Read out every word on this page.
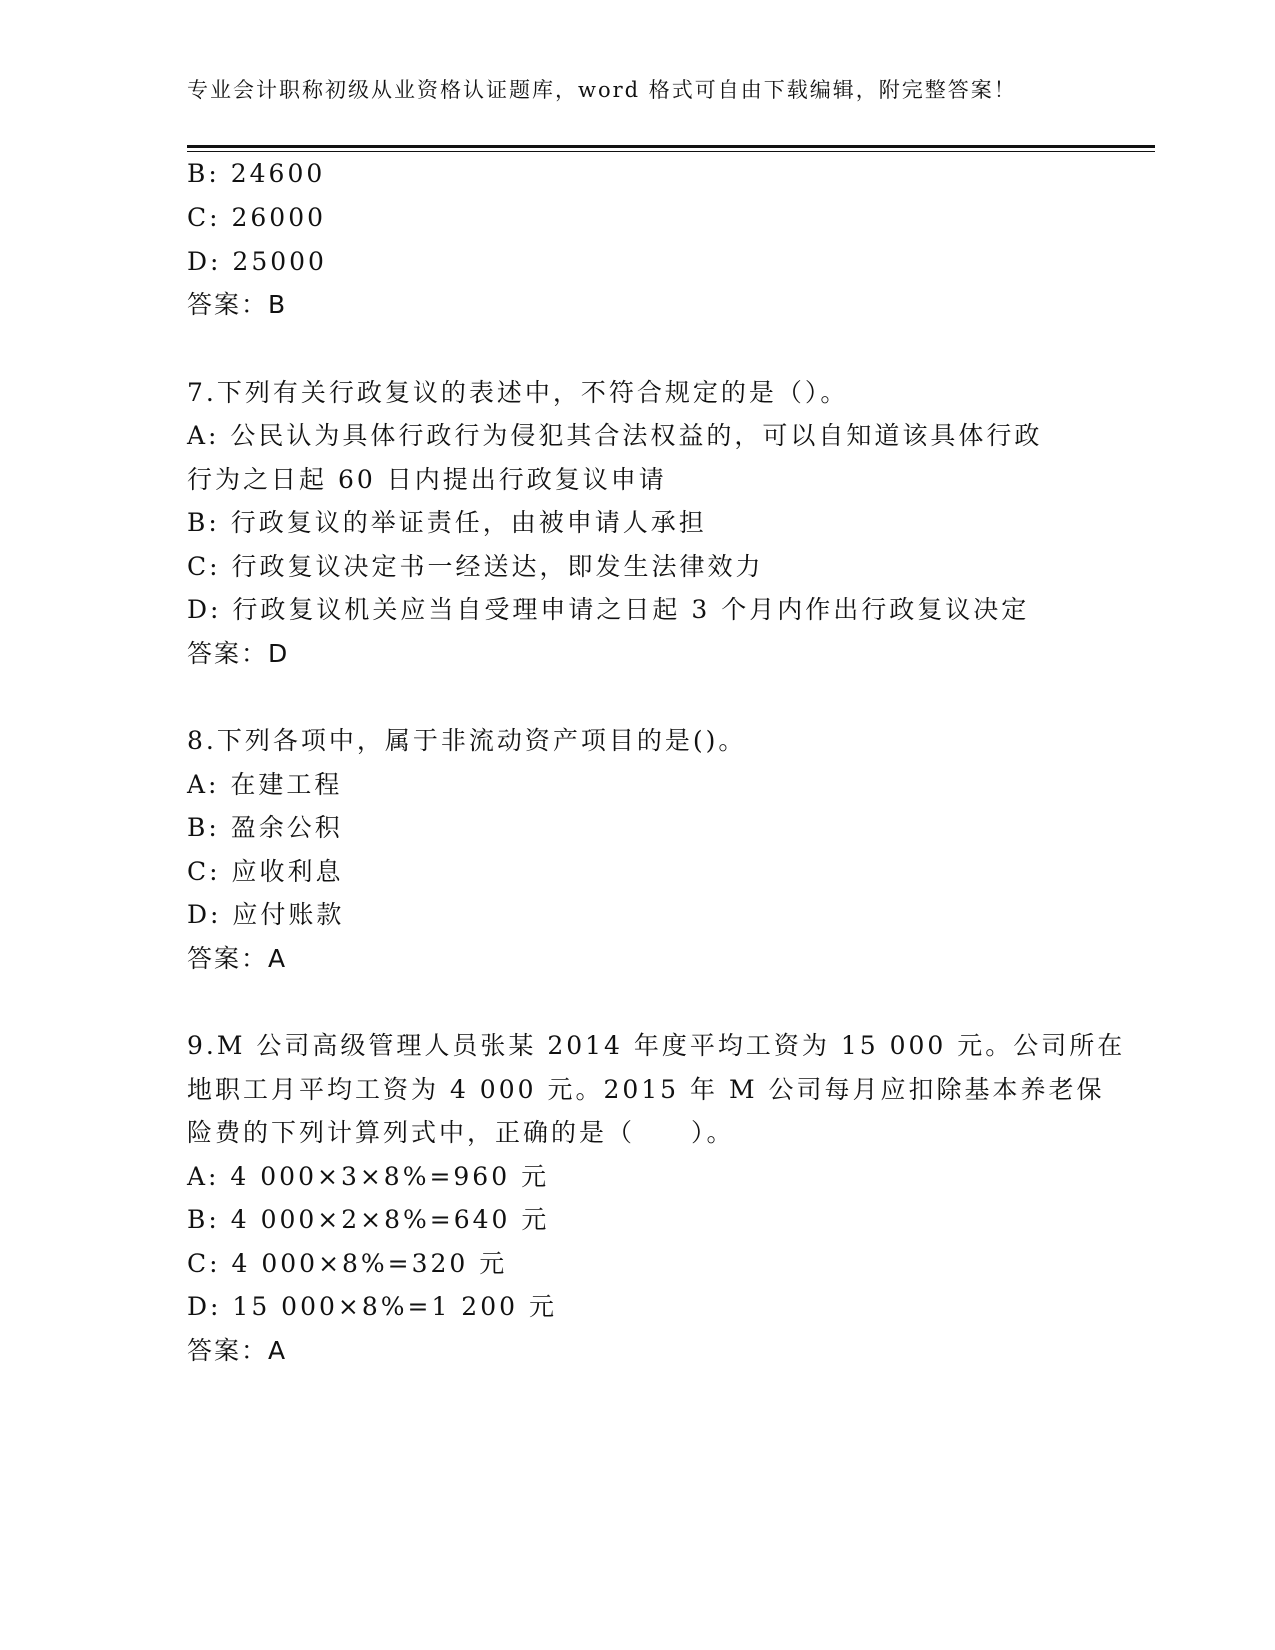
专业会计职称初级从业资格认证题库，word 格式可自由下载编辑，附完整答案！
B: 24600
C: 26000
D: 25000
答案：B
7.下列有关行政复议的表述中，不符合规定的是（）。
A: 公民认为具体行政行为侵犯其合法权益的，可以自知道该具体行政
行为之日起 60 日内提出行政复议申请
B: 行政复议的举证责任，由被申请人承担
C: 行政复议决定书一经送达，即发生法律效力
D: 行政复议机关应当自受理申请之日起 3 个月内作出行政复议决定
答案：D
8.下列各项中，属于非流动资产项目的是()。
A: 在建工程
B: 盈余公积
C: 应收利息
D: 应付账款
答案：A
9.M 公司高级管理人员张某 2014 年度平均工资为 15 000 元。公司所在
地职工月平均工资为 4 000 元。2015 年 M 公司每月应扣除基本养老保
险费的下列计算列式中，正确的是（　　）。
A: 4 000×3×8%=960 元
B: 4 000×2×8%=640 元
C: 4 000×8%=320 元
D: 15 000×8%=1 200 元
答案：A
